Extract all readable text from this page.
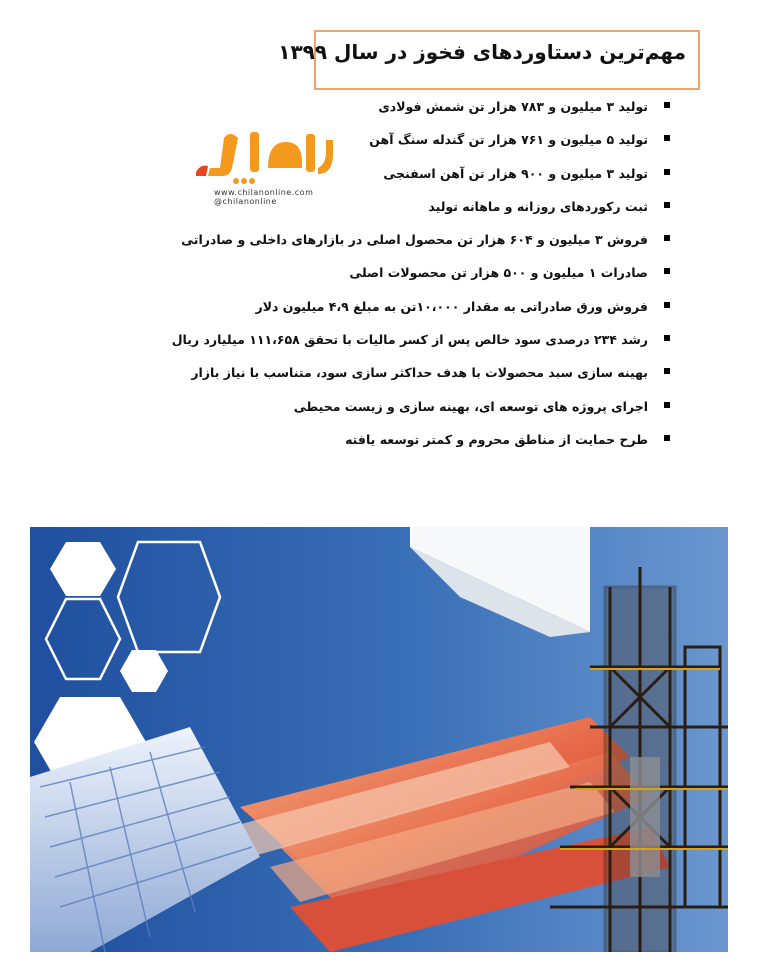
مهم‌ترین دستاوردهای فخوز در سال ۱۳۹۹
تولید ۳ میلیون و ۷۸۳ هزار تن شمش فولادی
تولید ۵ میلیون و ۷۶۱ هزار تن گندله سنگ آهن
تولید ۳ میلیون و ۹۰۰ هزار تن آهن اسفنجی
ثبت رکوردهای روزانه و ماهانه تولید
فروش ۳ میلیون و ۶۰۴ هزار تن محصول اصلی در بازارهای داخلی و صادراتی
صادرات ۱ میلیون و ۵۰۰ هزار تن محصولات اصلی
فروش ورق صادراتی به مقدار ۱۰،۰۰۰تن به مبلغ ۴،۹ میلیون دلار
رشد ۲۳۴ درصدی سود خالص پس از کسر مالیات با تحقق ۱۱۱،۶۵۸ میلیارد ریال
بهینه سازی سبد محصولات با هدف حداکثر سازی سود، متناسب با نیاز بازار
اجرای پروژه های توسعه ای، بهینه سازی و زیست محیطی
طرح حمایت از مناطق محروم و کمتر توسعه یافته
www.chilanonline.com
@chilanonline
